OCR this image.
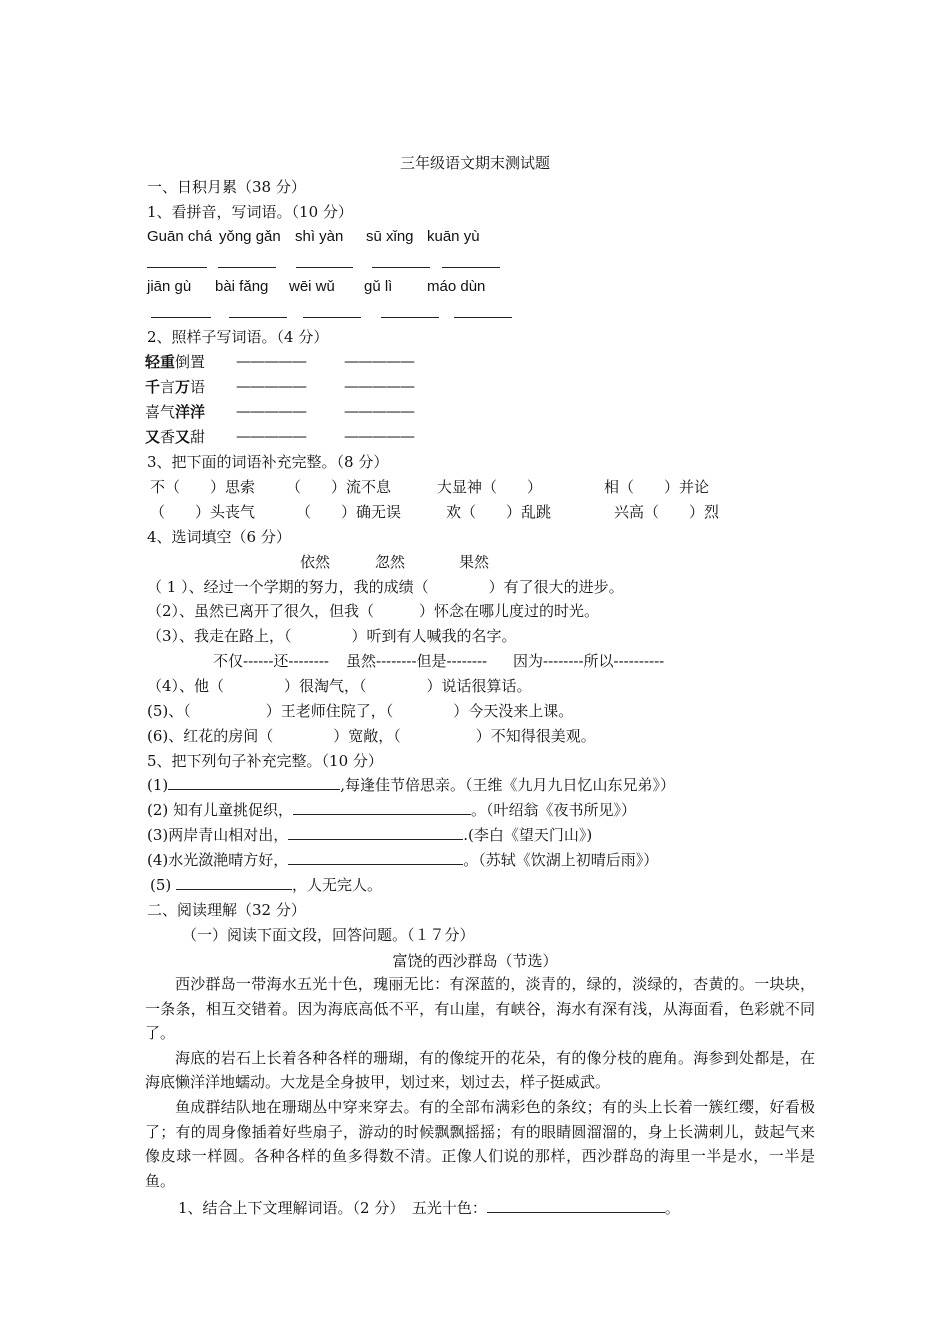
三年级语文期末测试题
一、日积月累（38 分）
1、看拼音，写词语。（10 分）
Guān chá yǒng gǎn shì yàn sū xǐng kuān yù
jiān gù bài fǎng wēi wǔ gǔ lì máo dùn
2、照样子写词语。（4 分）
轻重倒置 —————	—————
千言万语 —————	—————
喜气洋洋 —————	—————
又香又甜 —————	—————
3、把下面的词语补充完整。（8 分）
不（　　）思索 （　　）流不息	大显神（　　）	相（　　）并论
（　　）头丧气	（　　）确无误	欢（　　）乱跳	兴高（　　）烈
4、选词填空（6 分）
依然	忽然	果然
（ 1 ）、经过一个学期的努力，我的成绩（　　　　）有了很大的进步。
（2）、虽然已离开了很久，但我（　　　）怀念在哪儿度过的时光。
（3）、我走在路上，（　　　　）听到有人喊我的名字。
不仅------还-------- 虽然--------但是-------- 因为--------所以----------
（4）、他（　　　　）很淘气，（　　　　）说话很算话。
(5)、（　　　　　）王老师住院了，（　　　　）今天没来上课。
(6)、红花的房间（　　　　）宽敞，（　　　　　）不知得很美观。
5、把下列句子补充完整。（10 分）
(1)	,每逢佳节倍思亲。（王维《九月九日忆山东兄弟》）
(2) 知有儿童挑促织，	。（叶绍翁《夜书所见》）
(3)两岸青山相对出，	.(李白《望天门山》)
(4)水光潋滟晴方好，	。（苏轼《饮湖上初晴后雨》）
(5)	，人无完人。
二、阅读理解（32 分）
（一）阅读下面文段，回答问题。（１７分）
富饶的西沙群岛（节选）

西沙群岛一带海水五光十色，瑰丽无比：有深蓝的，淡青的，绿的，淡绿的，杏黄的。一块块，一条条，相互交错着。因为海底高低不平，有山崖，有峡谷，海水有深有浅，从海面看，色彩就不同了。

海底的岩石上长着各种各样的珊瑚，有的像绽开的花朵，有的像分枝的鹿角。海参到处都是，在海底懒洋洋地蠕动。大龙是全身披甲，划过来，划过去，样子挺威武。

鱼成群结队地在珊瑚丛中穿来穿去。有的全部布满彩色的条纹；有的头上长着一簇红缨，好看极了；有的周身像插着好些扇子，游动的时候飘飘摇摇；有的眼睛圆溜溜的，身上长满刺儿，鼓起气来像皮球一样圆。各种各样的鱼多得数不清。正像人们说的那样，西沙群岛的海里一半是水，一半是鱼。

1、结合上下文理解词语。（2 分）　五光十色：	。
